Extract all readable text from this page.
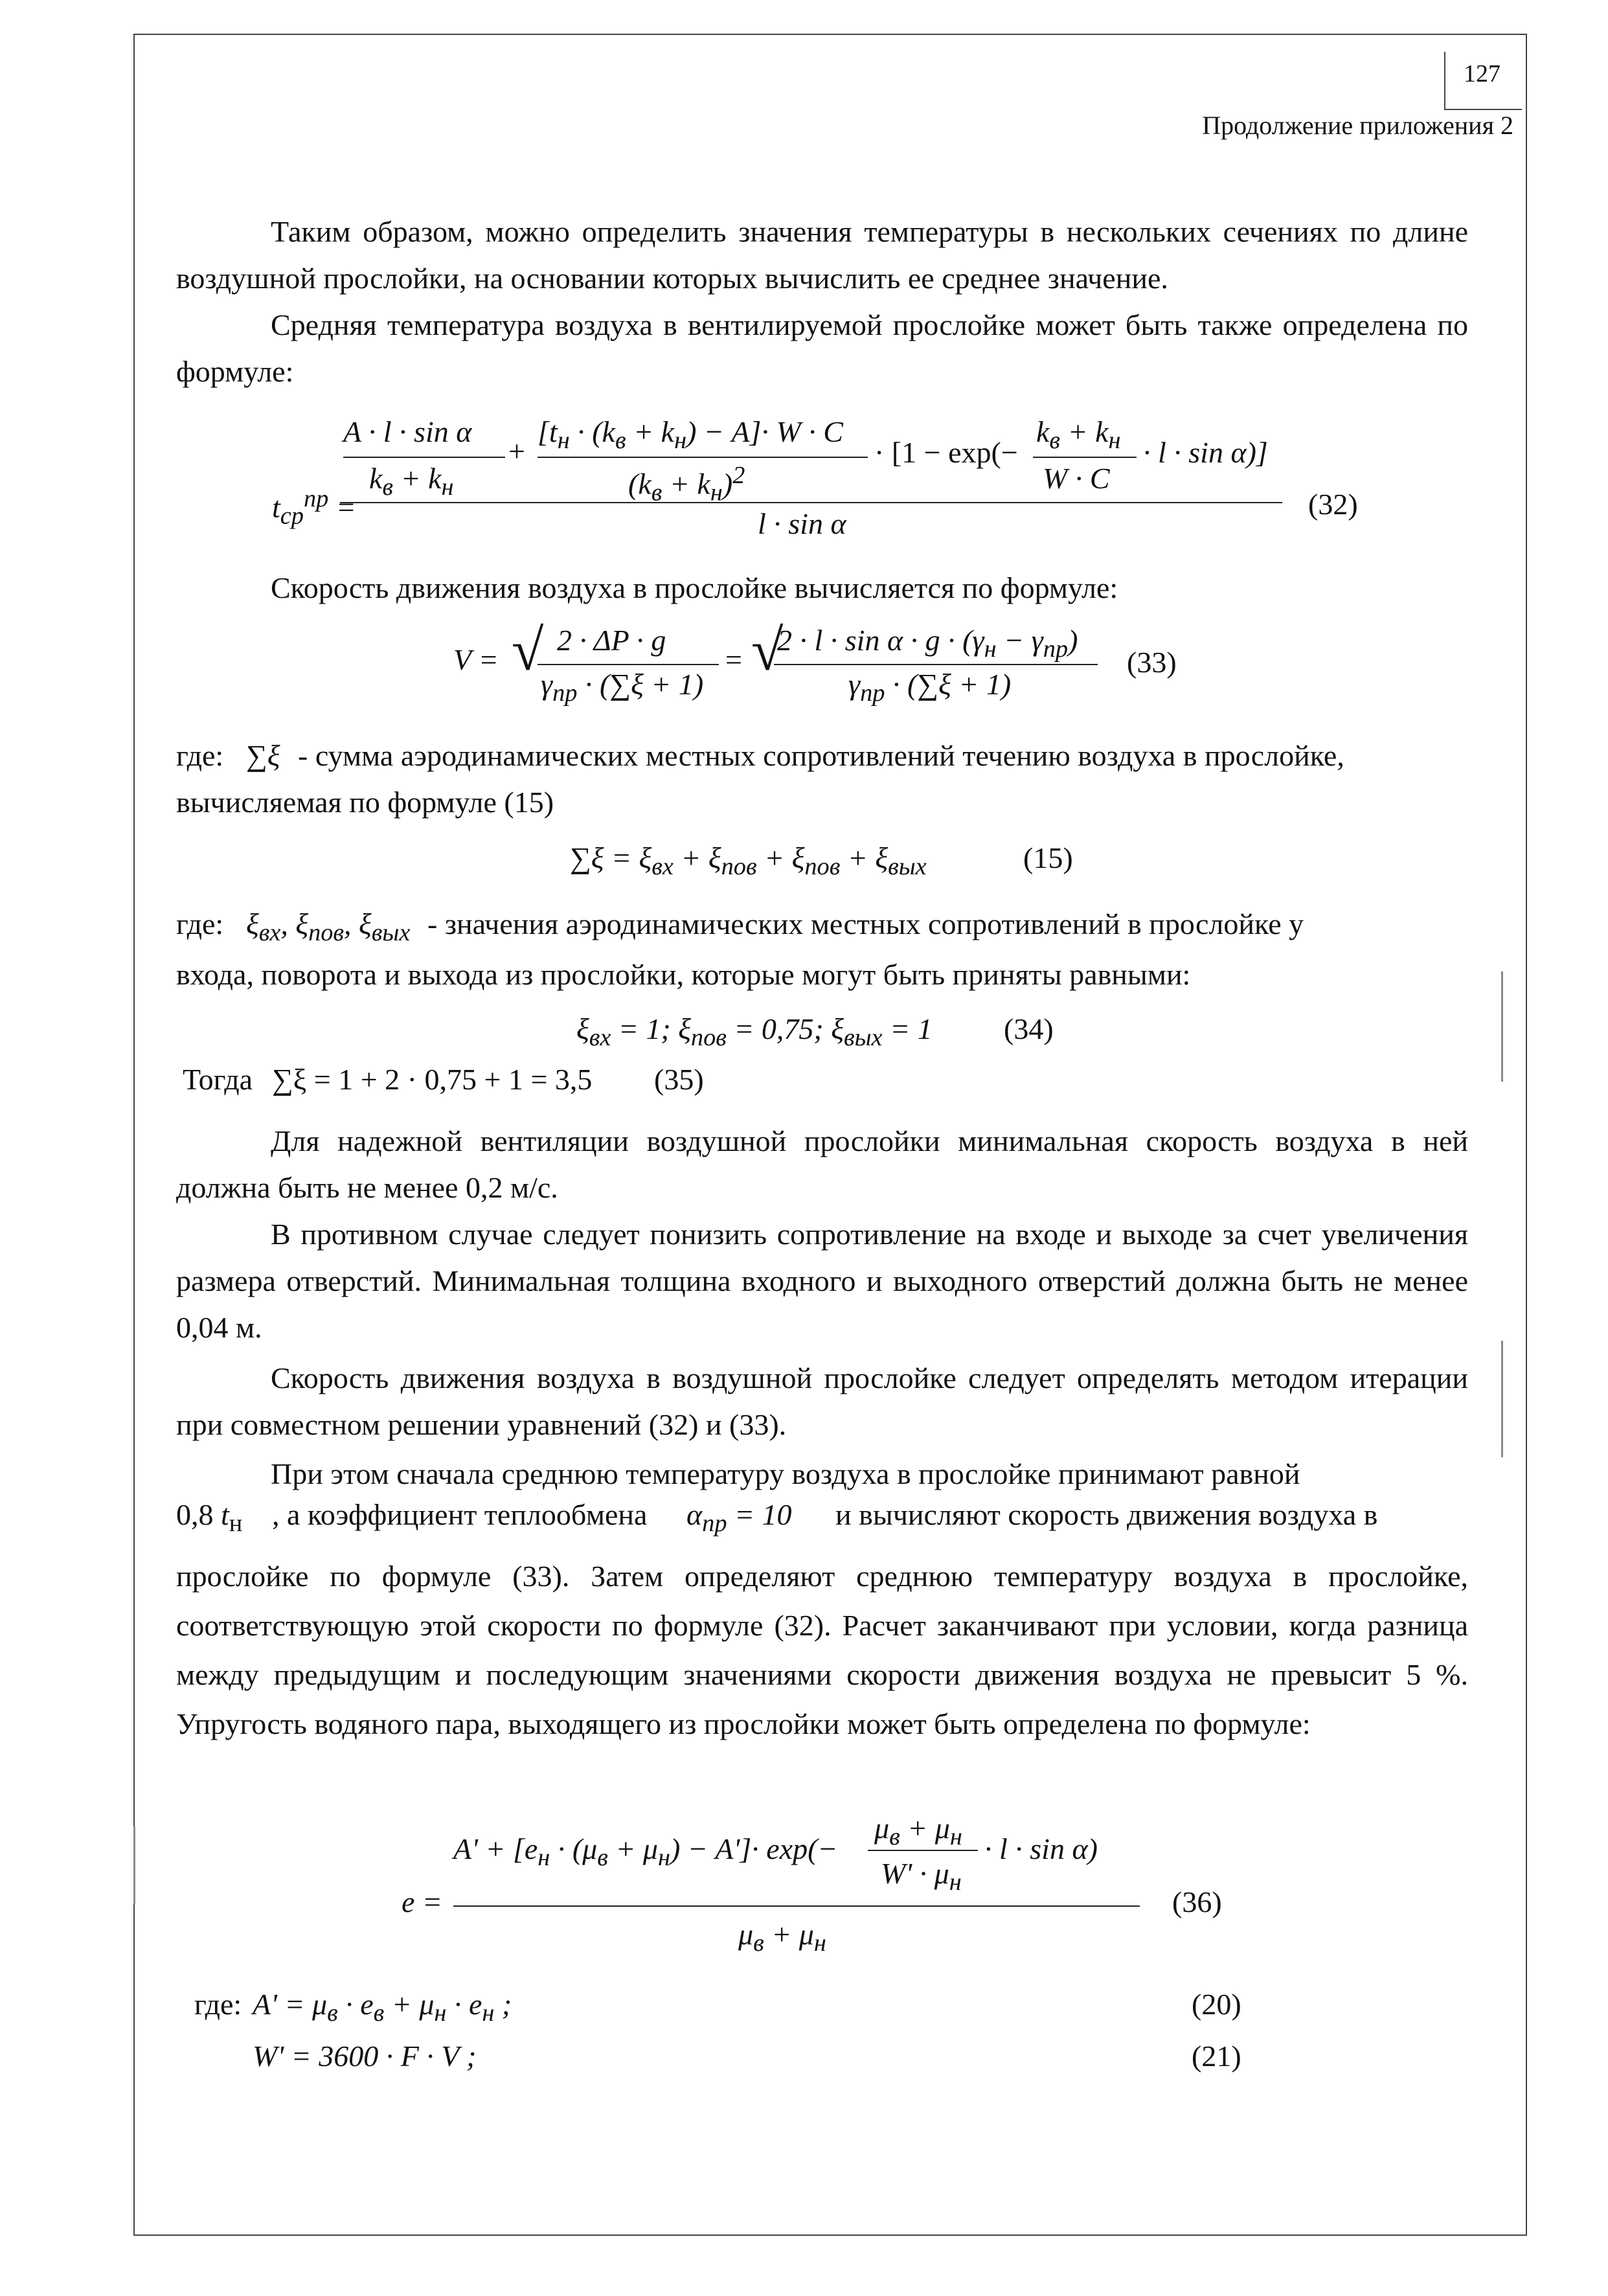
127
Продолжение приложения 2

Таким образом, можно определить значения температуры в нескольких сечениях по длине воздушной прослойки, на основании которых вычислить ее среднее значение.

Средняя температура воздуха в вентилируемой прослойке может быть также определена по формуле:

A · l · sin α
$k_в + k_н$
+
$[t_н \cdot (k_в + k_н) - A]\cdot W \cdot C$
$(k_в + k_н)^2$
· [1 − exp(−
$k_в + k_н$
W · C
· l · sin α)]
$t_{ср}^{пр}$ =
l · sin α
(32)

Скорость движения воздуха в прослойке вычисляется по формуле:

V = √ 2 · ΔP · g
$\gamma_{пр} \cdot (\sum\xi + 1)$
= √
$2 \cdot l \cdot \sin \alpha \cdot g \cdot (\gamma_н - \gamma_{пр})$
$\gamma_{пр} \cdot (\sum\xi + 1)$
(33)
где: ∑ξ - сумма аэродинамических местных сопротивлений течению воздуха в прослойке,
вычисляемая по формуле (15)
$\sum\xi = \xi_{вх} + \xi_{пов} + \xi_{пов} + \xi_{вых}$	(15)
где: $\xi_{вх}$, $\xi_{пов}$, $\xi_{вых}$ - значения аэродинамических местных сопротивлений в прослойке у
входа, поворота и выхода из прослойки, которые могут быть приняты равными:
$\xi_{вх} = 1$; $\xi_{пов} = 0,75$; $\xi_{вых} = 1$ (34)
Тогда ∑ξ = 1 + 2 · 0,75 + 1 = 3,5 (35)

Для надежной вентиляции воздушной прослойки минимальная скорость воздуха в ней должна быть не менее 0,2 м/с.

В противном случае следует понизить сопротивление на входе и выходе за счет увеличения размера отверстий. Минимальная толщина входного и выходного отверстий должна быть не менее 0,04 м.

Скорость движения воздуха в воздушной прослойке следует определять методом итерации при совместном решении уравнений (32) и (33).

При этом сначала среднюю температуру воздуха в прослойке принимают равной

0,8 $t_н$ , а коэффициент теплообмена $\alpha_{пр} = 10$ и вычисляют скорость движения воздуха в

прослойке по формуле (33). Затем определяют среднюю температуру воздуха в прослойке, соответствующую этой скорости по формуле (32). Расчет заканчивают при условии, когда разница между предыдущим и последующим значениями скорости движения воздуха не превысит 5 %. Упругость водяного пара, выходящего из прослойки может быть определена по формуле:

$A' + [e_н \cdot (\mu_в + \mu_н) - A']\cdot \exp(-$
$\mu_в + \mu_н$
$W' \cdot \mu_н$
· l · sin α)
e =
$\mu_в + \mu_н$
(36)
где: $A' = \mu_в \cdot e_в + \mu_н \cdot e_н$ ;	(20)
W' = 3600 · F · V ;	(21)
